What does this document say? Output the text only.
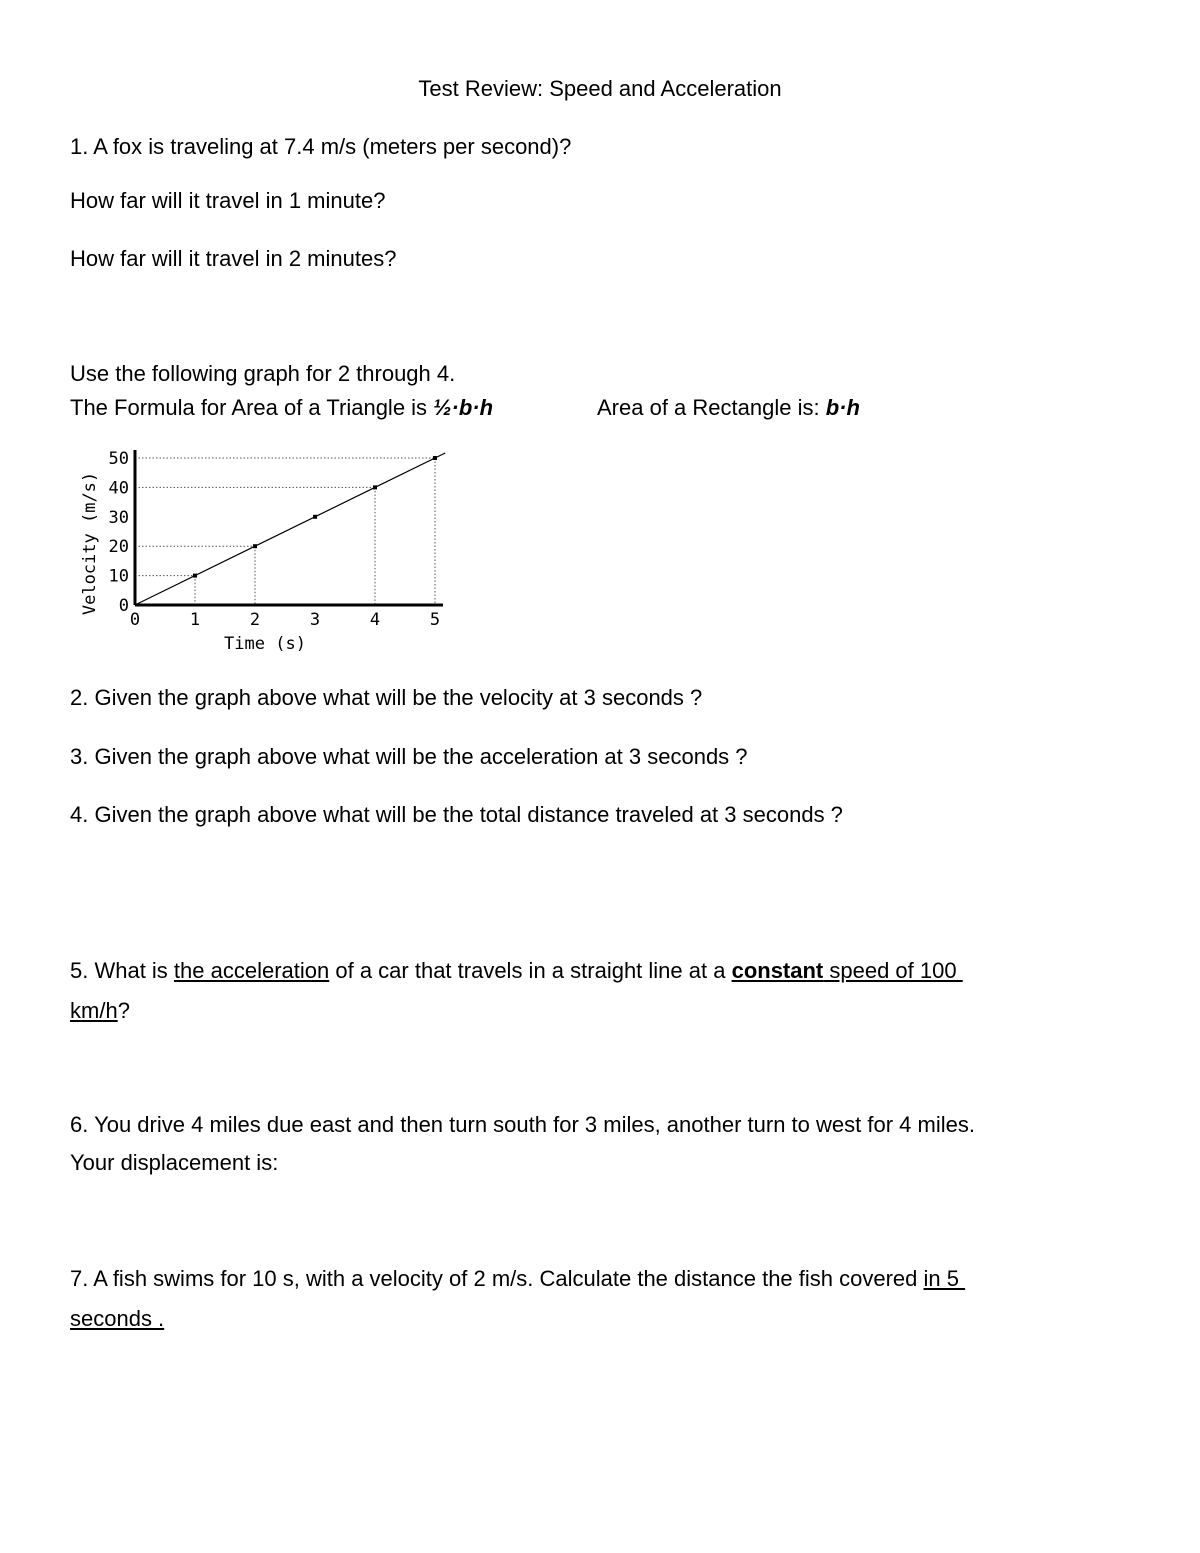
Test Review: Speed and Acceleration
1. A fox is traveling at 7.4 m/s (meters per second)?
How far will it travel in 1 minute?
How far will it travel in 2 minutes?
Use the following graph for 2 through 4.
The Formula for Area of a Triangle is ½·b·h	Area of a Rectangle is: b·h
0	1	2	3	4	5
0
10
20
30
40
50
Time (s)
Velocity (m/s)
2. Given the graph above what will be the velocity at 3 seconds ?
3. Given the graph above what will be the acceleration at 3 seconds ?
4. Given the graph above what will be the total distance traveled at 3 seconds ?
5. What is the acceleration of a car that travels in a straight line at a constant speed of 100
km/h?
6. You drive 4 miles due east and then turn south for 3 miles, another turn to west for 4 miles.
Your displacement is:
7. A fish swims for 10 s, with a velocity of 2 m/s. Calculate the distance the fish covered in 5
seconds .
